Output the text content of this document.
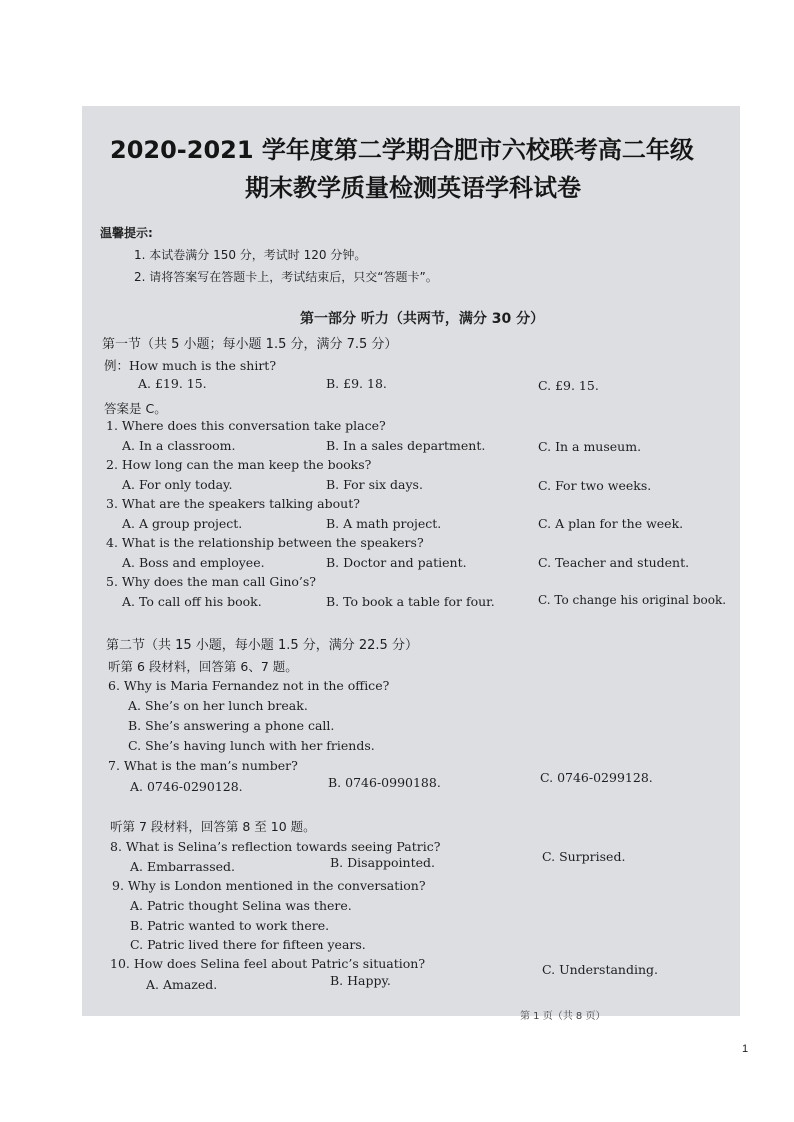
2020-2021 学年度第二学期合肥市六校联考高二年级
期末教学质量检测英语学科试卷
温馨提示:
1. 本试卷满分 150 分，考试时 120 分钟。
2. 请将答案写在答题卡上，考试结束后，只交“答题卡”。
第一部分 听力（共两节，满分 30 分）
第一节（共 5 小题；每小题 1.5 分，满分 7.5 分）
例：How much is the shirt?
A. £19. 15.	B. £9. 18.	C. £9. 15.
答案是 C。
1. Where does this conversation take place?
A. In a classroom.	B. In a sales department.	C. In a museum.
2. How long can the man keep the books?
A. For only today.	B. For six days.	C. For two weeks.
3. What are the speakers talking about?
A. A group project.	B. A math project.	C. A plan for the week.
4. What is the relationship between the speakers?
A. Boss and employee.	B. Doctor and patient.	C. Teacher and student.
5. Why does the man call Gino’s?
A. To call off his book.	B. To book a table for four.	C. To change his original book.
第二节（共 15 小题，每小题 1.5 分，满分 22.5 分）
听第 6 段材料，回答第 6、7 题。
6. Why is Maria Fernandez not in the office?
A. She’s on her lunch break.
B. She’s answering a phone call.
C. She’s having lunch with her friends.
7. What is the man’s number?
A. 0746-0290128.	B. 0746-0990188.	C. 0746-0299128.
听第 7 段材料，回答第 8 至 10 题。
8. What is Selina’s reflection towards seeing Patric?
A. Embarrassed.	B. Disappointed.	C. Surprised.
9. Why is London mentioned in the conversation?
A. Patric thought Selina was there.
B. Patric wanted to work there.
C. Patric lived there for fifteen years.
10. How does Selina feel about Patric’s situation?
A. Amazed.	B. Happy.
C. Understanding.
第 1 页（共 8 页）
1
